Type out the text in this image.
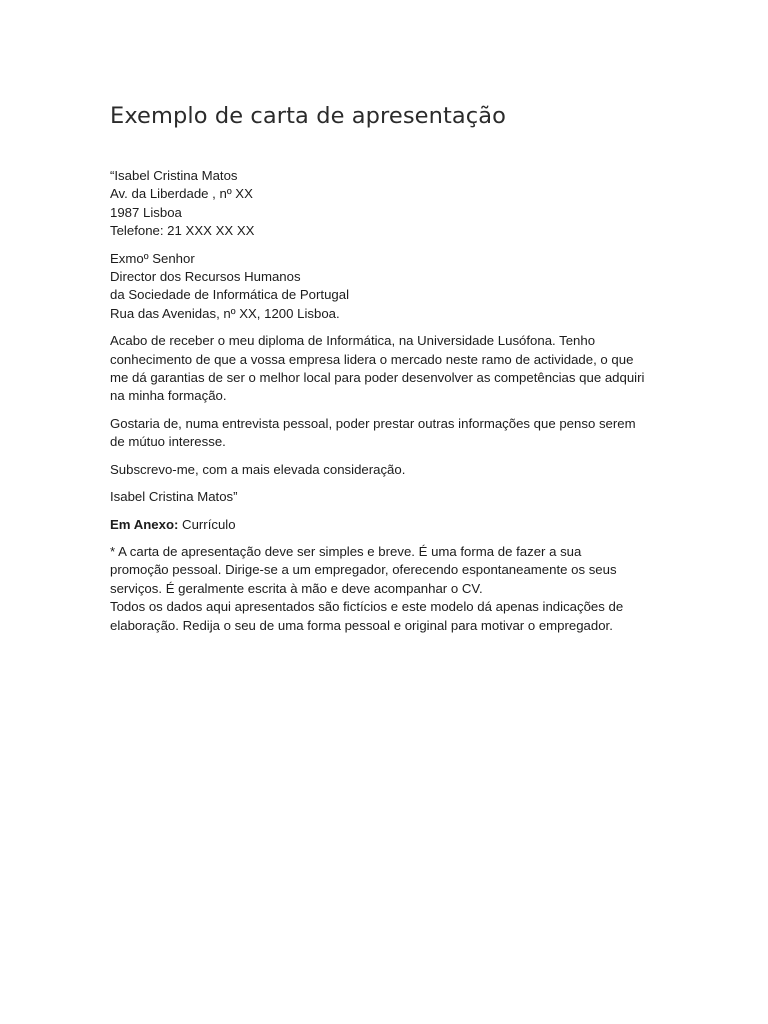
Exemplo de carta de apresentação

“Isabel Cristina Matos
Av. da Liberdade , nº XX
1987 Lisboa
Telefone: 21 XXX XX XX

Exmoº Senhor
Director dos Recursos Humanos
da Sociedade de Informática de Portugal
Rua das Avenidas, nº XX, 1200 Lisboa.

Acabo de receber o meu diploma de Informática, na Universidade Lusófona. Tenho
conhecimento de que a vossa empresa lidera o mercado neste ramo de actividade, o que
me dá garantias de ser o melhor local para poder desenvolver as competências que adquiri
na minha formação.

Gostaria de, numa entrevista pessoal, poder prestar outras informações que penso serem
de mútuo interesse.

Subscrevo-me, com a mais elevada consideração.

Isabel Cristina Matos”

Em Anexo: Currículo

* A carta de apresentação deve ser simples e breve. É uma forma de fazer a sua
promoção pessoal. Dirige-se a um empregador, oferecendo espontaneamente os seus
serviços. É geralmente escrita à mão e deve acompanhar o CV.
Todos os dados aqui apresentados são fictícios e este modelo dá apenas indicações de
elaboração. Redija o seu de uma forma pessoal e original para motivar o empregador.
